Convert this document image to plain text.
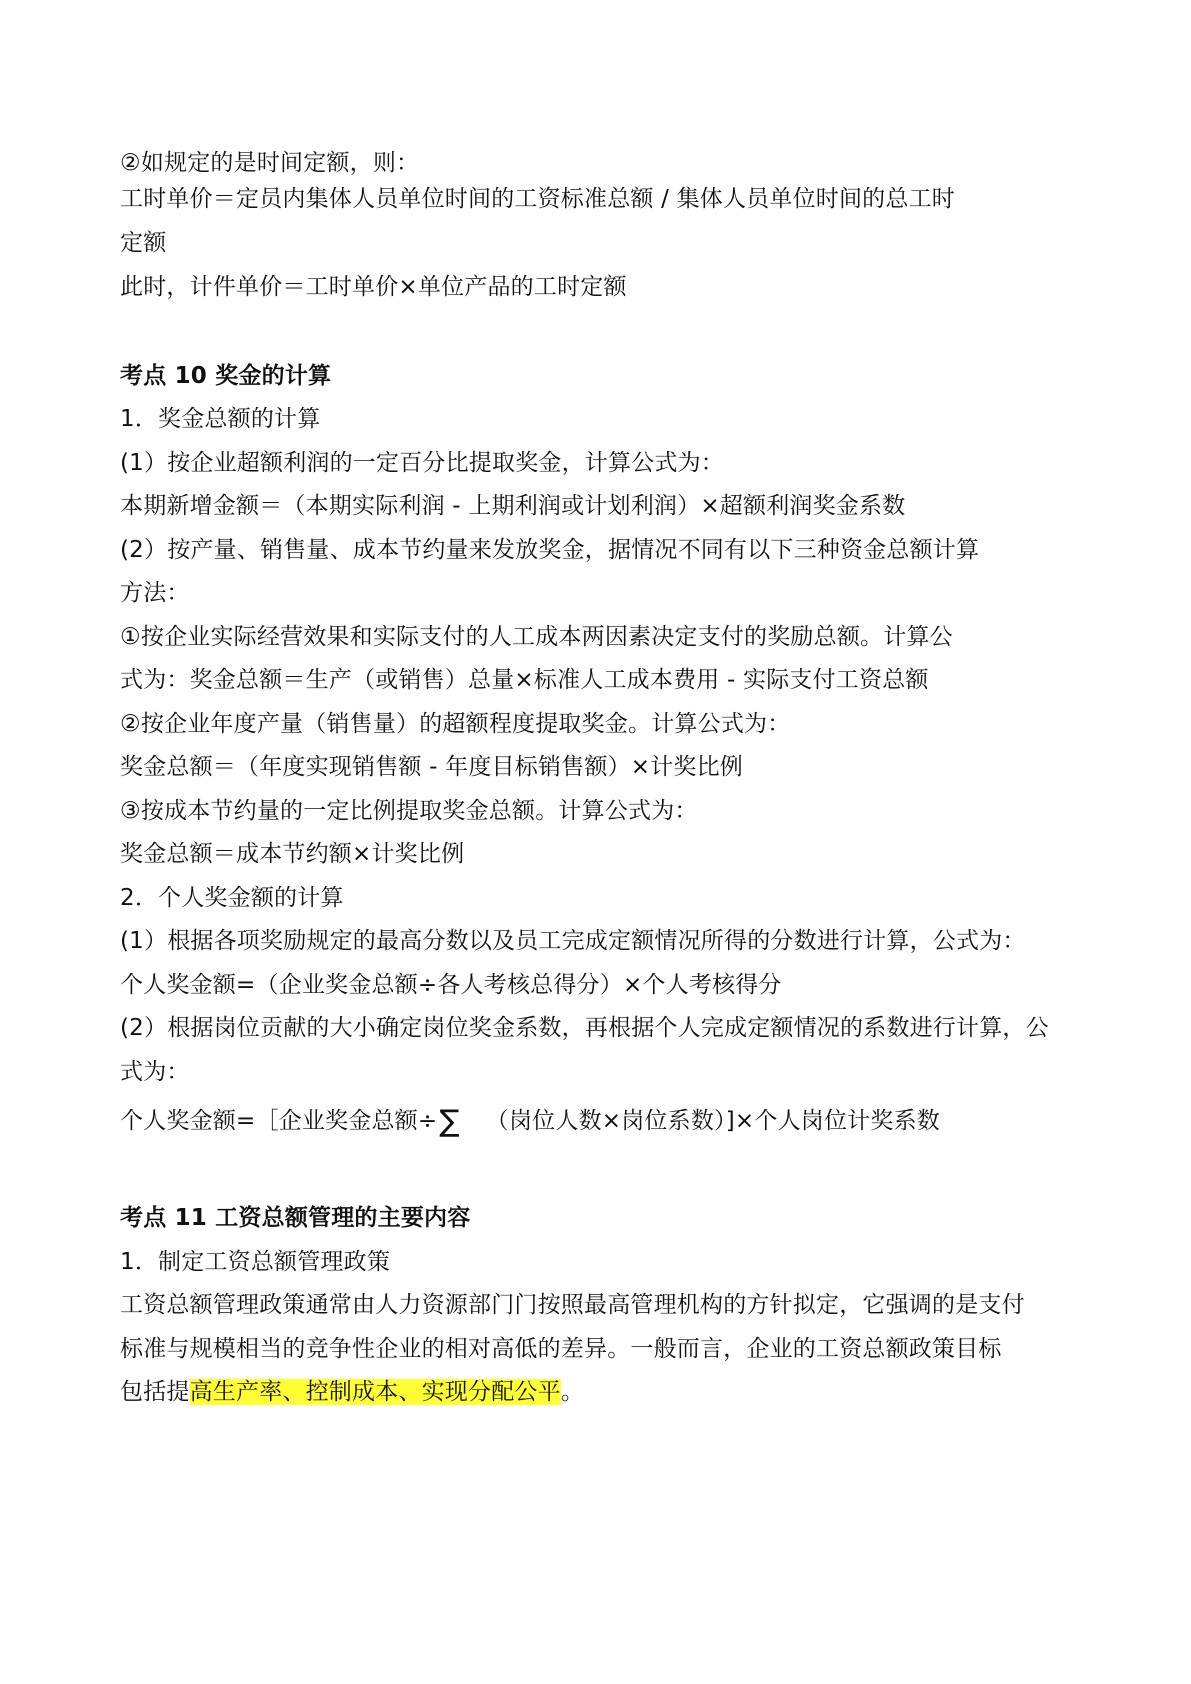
②如规定的是时间定额，则：
工时单价＝定员内集体人员单位时间的工资标准总额 / 集体人员单位时间的总工时
定额
此时，计件单价＝工时单价×单位产品的工时定额
考点 10 奖金的计算
1．奖金总额的计算
(1）按企业超额利润的一定百分比提取奖金，计算公式为：
本期新增金额＝（本期实际利润 - 上期利润或计划利润）×超额利润奖金系数
(2）按产量、销售量、成本节约量来发放奖金，据情况不同有以下三种资金总额计算
方法：
①按企业实际经营效果和实际支付的人工成本两因素决定支付的奖励总额。计算公
式为：奖金总额＝生产（或销售）总量×标准人工成本费用 - 实际支付工资总额
②按企业年度产量（销售量）的超额程度提取奖金。计算公式为：
奖金总额＝（年度实现销售额 - 年度目标销售额）×计奖比例
③按成本节约量的一定比例提取奖金总额。计算公式为：
奖金总额＝成本节约额×计奖比例
2．个人奖金额的计算
(1）根据各项奖励规定的最高分数以及员工完成定额情况所得的分数进行计算，公式为：
个人奖金额=（企业奖金总额÷各人考核总得分）×个人考核得分
(2）根据岗位贡献的大小确定岗位奖金系数，再根据个人完成定额情况的系数进行计算，公
式为：
个人奖金额=［企业奖金总额÷∑ （岗位人数×岗位系数）]×个人岗位计奖系数
考点 11 工资总额管理的主要内容
1．制定工资总额管理政策
工资总额管理政策通常由人力资源部门门按照最高管理机构的方针拟定，它强调的是支付
标准与规模相当的竞争性企业的相对高低的差异。一般而言，企业的工资总额政策目标
包括提高生产率、控制成本、实现分配公平。
